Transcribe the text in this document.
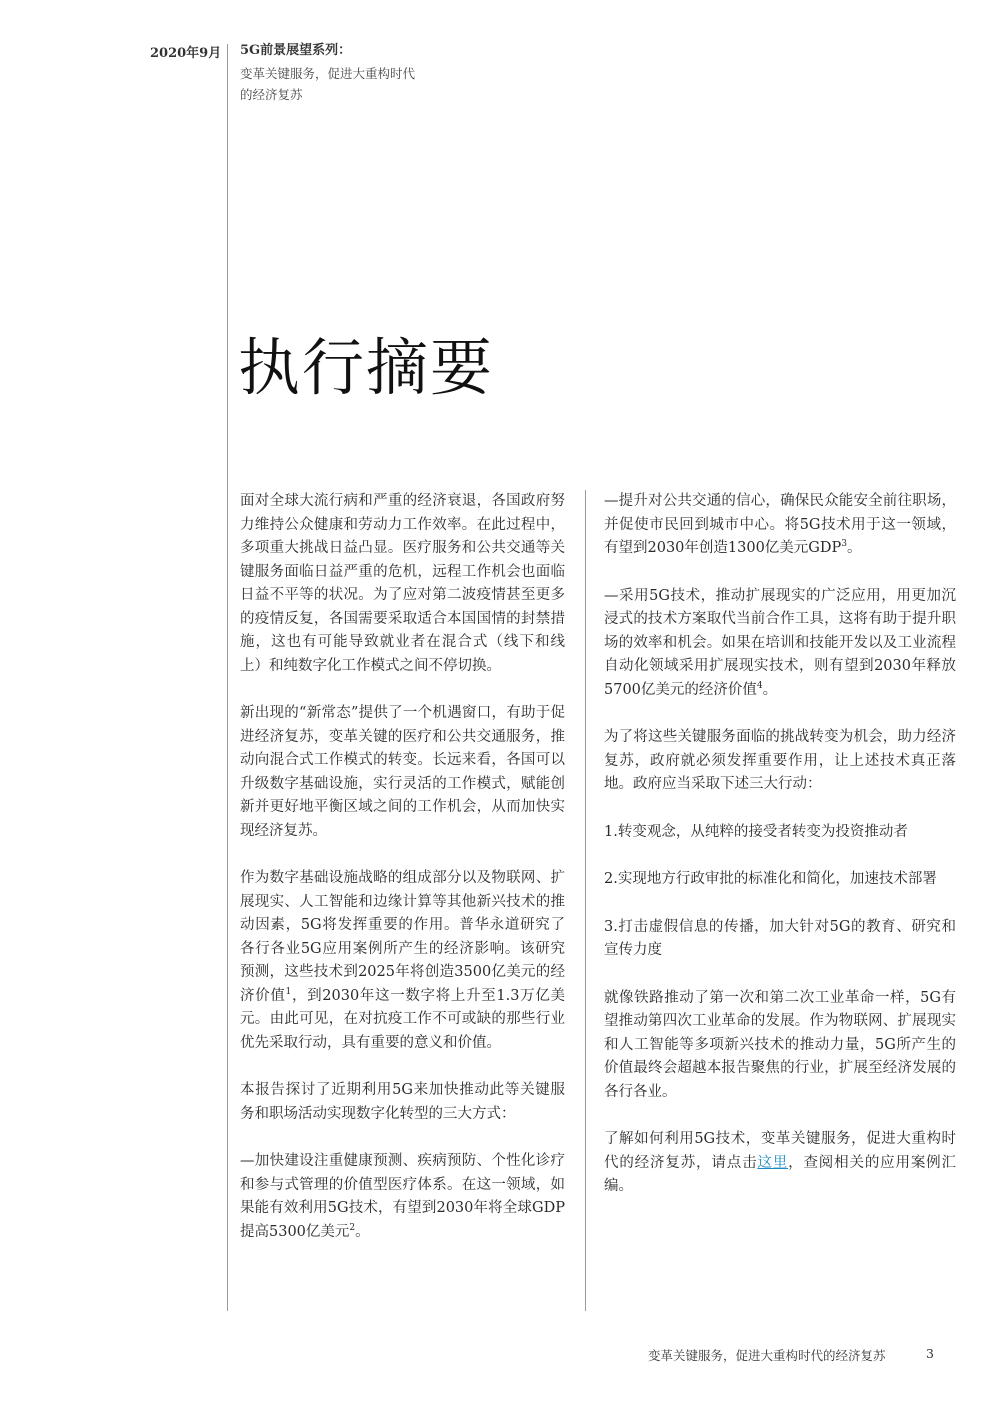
2020年9月 5G前景展望系列：
变革关键服务，促进大重构时代的经济复苏
执行摘要

面对全球大流行病和严重的经济衰退，各国政府努力维持公众健康和劳动力工作效率。在此过程中，多项重大挑战日益凸显。医疗服务和公共交通等关键服务面临日益严重的危机，远程工作机会也面临日益不平等的状况。为了应对第二波疫情甚至更多的疫情反复，各国需要采取适合本国国情的封禁措施，这也有可能导致就业者在混合式（线下和线上）和纯数字化工作模式之间不停切换。

新出现的“新常态”提供了一个机遇窗口，有助于促进经济复苏，变革关键的医疗和公共交通服务，推动向混合式工作模式的转变。长远来看，各国可以升级数字基础设施，实行灵活的工作模式，赋能创新并更好地平衡区域之间的工作机会，从而加快实现经济复苏。

作为数字基础设施战略的组成部分以及物联网、扩展现实、人工智能和边缘计算等其他新兴技术的推动因素，5G将发挥重要的作用。普华永道研究了各行各业5G应用案例所产生的经济影响。该研究预测，这些技术到2025年将创造3500亿美元的经济价值$^1$，到2030年这一数字将上升至1.3万亿美元。由此可见，在对抗疫工作不可或缺的那些行业优先采取行动，具有重要的意义和价值。

本报告探讨了近期利用5G来加快推动此等关键服务和职场活动实现数字化转型的三大方式：

—加快建设注重健康预测、疾病预防、个性化诊疗和参与式管理的价值型医疗体系。在这一领域，如果能有效利用5G技术，有望到2030年将全球GDP提高5300亿美元$^2$。

—提升对公共交通的信心，确保民众能安全前往职场，并促使市民回到城市中心。将5G技术用于这一领域，有望到2030年创造1300亿美元GDP$^3$。

—采用5G技术，推动扩展现实的广泛应用，用更加沉浸式的技术方案取代当前合作工具，这将有助于提升职场的效率和机会。如果在培训和技能开发以及工业流程自动化领域采用扩展现实技术，则有望到2030年释放5700亿美元的经济价值$^4$。

为了将这些关键服务面临的挑战转变为机会，助力经济复苏，政府就必须发挥重要作用，让上述技术真正落地。政府应当采取下述三大行动：

1.转变观念，从纯粹的接受者转变为投资推动者

2.实现地方行政审批的标准化和简化，加速技术部署

3.打击虚假信息的传播，加大针对5G的教育、研究和宣传力度

就像铁路推动了第一次和第二次工业革命一样，5G有望推动第四次工业革命的发展。作为物联网、扩展现实和人工智能等多项新兴技术的推动力量，5G所产生的价值最终会超越本报告聚焦的行业，扩展至经济发展的各行各业。

了解如何利用5G技术，变革关键服务，促进大重构时代的经济复苏，请点击这里，查阅相关的应用案例汇编。

变革关键服务，促进大重构时代的经济复苏	3
